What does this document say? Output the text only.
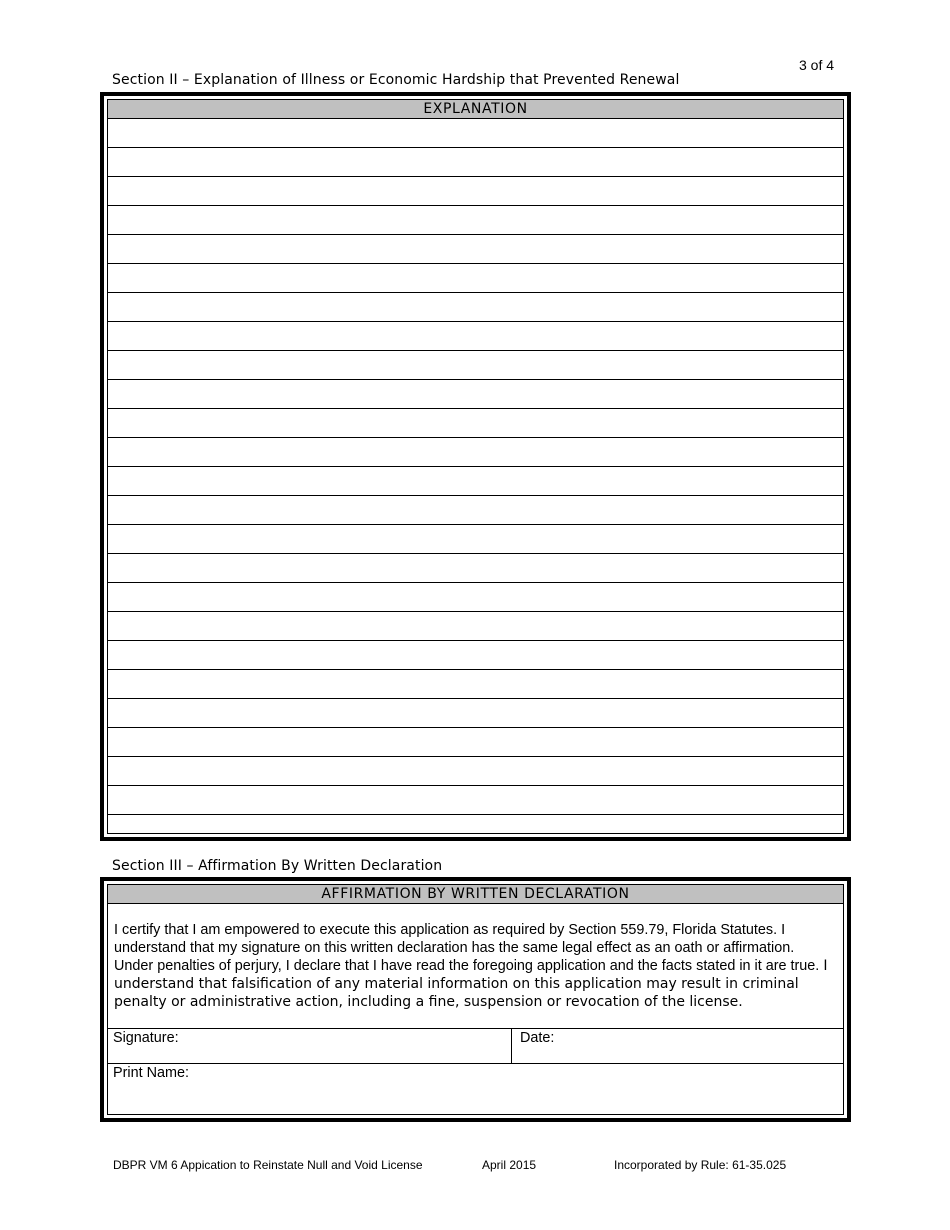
3 of 4
Section II – Explanation of Illness or Economic Hardship that Prevented Renewal
EXPLANATION
Section III – Affirmation By Written Declaration
AFFIRMATION BY WRITTEN DECLARATION
I certify that I am empowered to execute this application as required by Section 559.79, Florida Statutes. I understand that my signature on this written declaration has the same legal effect as an oath or affirmation. Under penalties of perjury, I declare that I have read the foregoing application and the facts stated in it are true. I understand that falsification of any material information on this application may result in criminal penalty or administrative action, including a fine, suspension or revocation of the license.
Signature:	Date:
Print Name:
DBPR VM 6 Appication to Reinstate Null and Void License	April 2015	Incorporated by Rule: 61-35.025
